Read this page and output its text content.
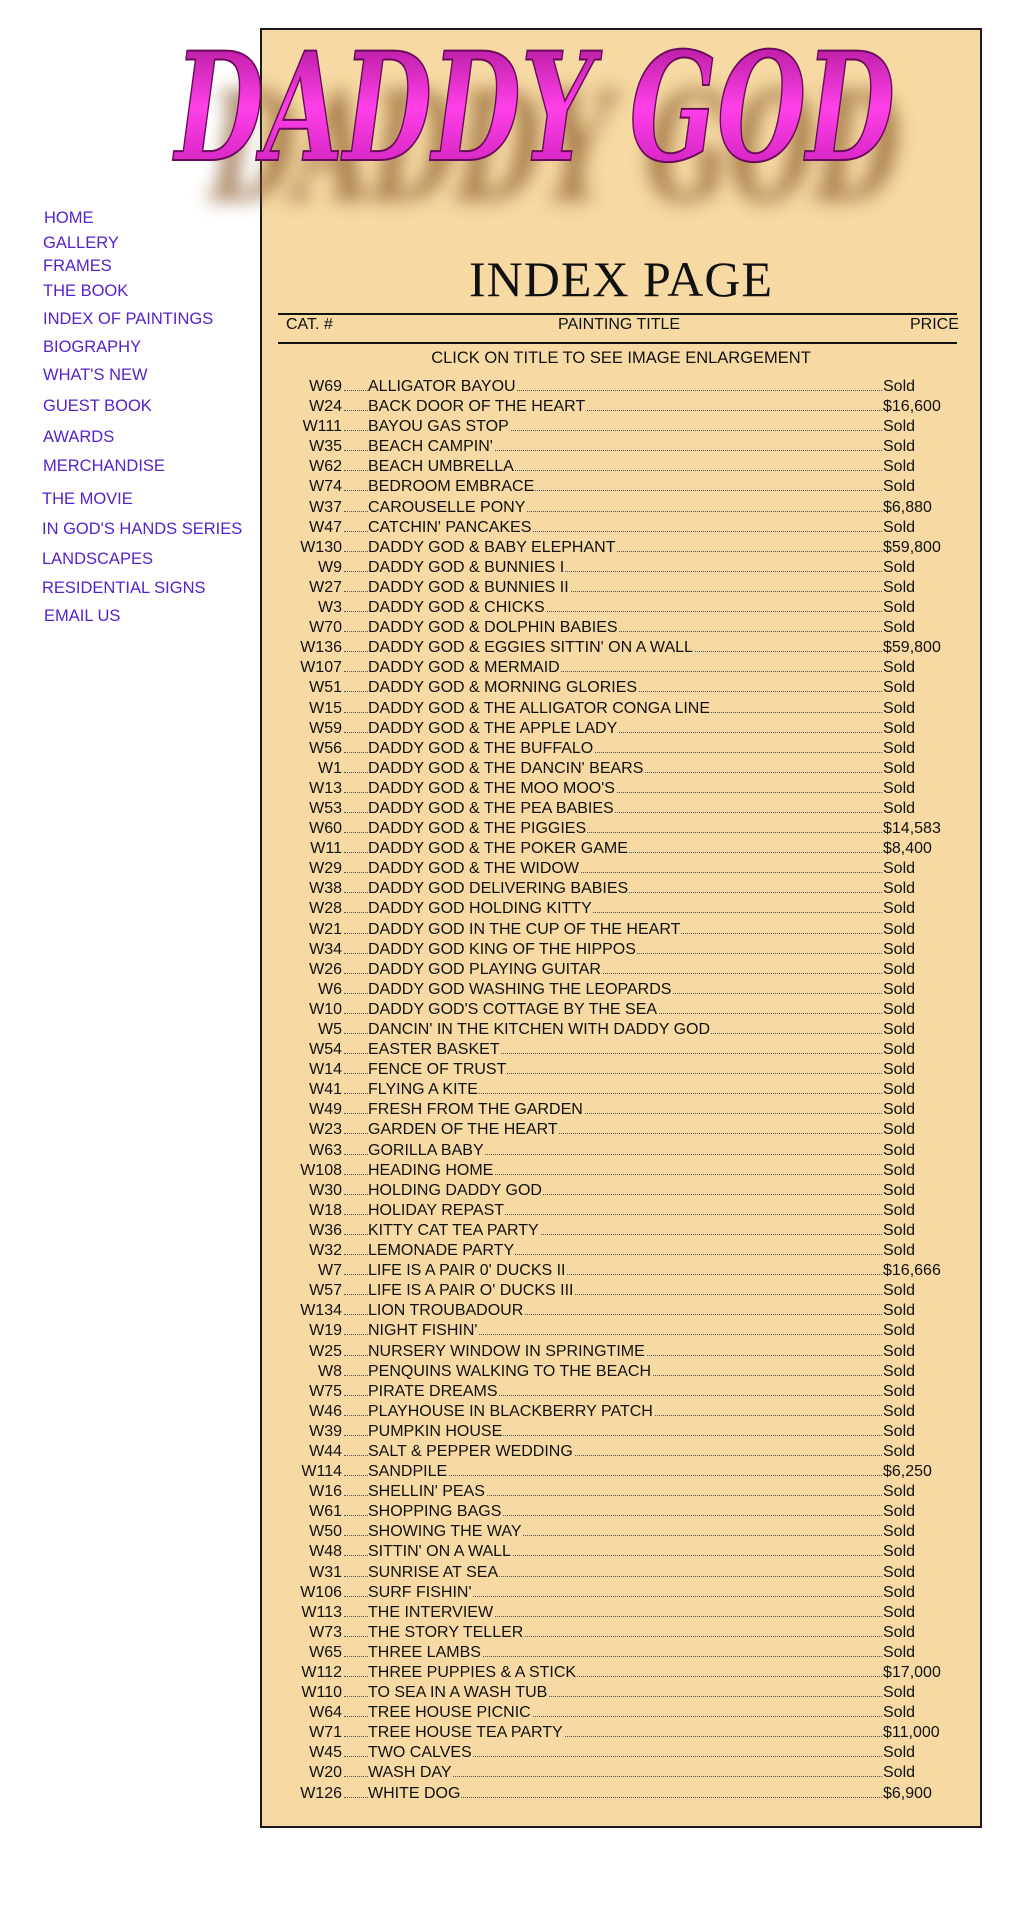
DADDY GOD
DADDY GOD
HOME
GALLERY
FRAMES
THE BOOK
INDEX OF PAINTINGS
BIOGRAPHY
WHAT'S NEW
GUEST BOOK
AWARDS
MERCHANDISE
THE MOVIE
IN GOD'S HANDS SERIES
LANDSCAPES
RESIDENTIAL SIGNS
EMAIL US
INDEX PAGE
CAT. #	PAINTING TITLE	PRICE
CLICK ON TITLE TO SEE IMAGE ENLARGEMENT
W69 ALLIGATOR BAYOU	Sold
W24 BACK DOOR OF THE HEART	$16,600
W111 BAYOU GAS STOP	Sold
W35 BEACH CAMPIN'	Sold
W62 BEACH UMBRELLA	Sold
W74 BEDROOM EMBRACE	Sold
W37 CAROUSELLE PONY	$6,880
W47 CATCHIN' PANCAKES	Sold
W130 DADDY GOD & BABY ELEPHANT	$59,800
W9 DADDY GOD & BUNNIES I	Sold
W27 DADDY GOD & BUNNIES II	Sold
W3 DADDY GOD & CHICKS	Sold
W70 DADDY GOD & DOLPHIN BABIES	Sold
W136 DADDY GOD & EGGIES SITTIN' ON A WALL	$59,800
W107 DADDY GOD & MERMAID	Sold
W51 DADDY GOD & MORNING GLORIES	Sold
W15 DADDY GOD & THE ALLIGATOR CONGA LINE	Sold
W59 DADDY GOD & THE APPLE LADY	Sold
W56 DADDY GOD & THE BUFFALO	Sold
W1 DADDY GOD & THE DANCIN' BEARS	Sold
W13 DADDY GOD & THE MOO MOO'S	Sold
W53 DADDY GOD & THE PEA BABIES	Sold
W60 DADDY GOD & THE PIGGIES	$14,583
W11 DADDY GOD & THE POKER GAME	$8,400
W29 DADDY GOD & THE WIDOW	Sold
W38 DADDY GOD DELIVERING BABIES	Sold
W28 DADDY GOD HOLDING KITTY	Sold
W21 DADDY GOD IN THE CUP OF THE HEART	Sold
W34 DADDY GOD KING OF THE HIPPOS	Sold
W26 DADDY GOD PLAYING GUITAR	Sold
W6 DADDY GOD WASHING THE LEOPARDS	Sold
W10 DADDY GOD'S COTTAGE BY THE SEA	Sold
W5 DANCIN' IN THE KITCHEN WITH DADDY GOD	Sold
W54 EASTER BASKET	Sold
W14 FENCE OF TRUST	Sold
W41 FLYING A KITE	Sold
W49 FRESH FROM THE GARDEN	Sold
W23 GARDEN OF THE HEART	Sold
W63 GORILLA BABY	Sold
W108 HEADING HOME	Sold
W30 HOLDING DADDY GOD	Sold
W18 HOLIDAY REPAST	Sold
W36 KITTY CAT TEA PARTY	Sold
W32 LEMONADE PARTY	Sold
W7 LIFE IS A PAIR 0' DUCKS II	$16,666
W57 LIFE IS A PAIR O' DUCKS III	Sold
W134 LION TROUBADOUR	Sold
W19 NIGHT FISHIN'	Sold
W25 NURSERY WINDOW IN SPRINGTIME	Sold
W8 PENQUINS WALKING TO THE BEACH	Sold
W75 PIRATE DREAMS	Sold
W46 PLAYHOUSE IN BLACKBERRY PATCH	Sold
W39 PUMPKIN HOUSE	Sold
W44 SALT & PEPPER WEDDING	Sold
W114 SANDPILE	$6,250
W16 SHELLIN' PEAS	Sold
W61 SHOPPING BAGS	Sold
W50 SHOWING THE WAY	Sold
W48 SITTIN' ON A WALL	Sold
W31 SUNRISE AT SEA	Sold
W106 SURF FISHIN'	Sold
W113 THE INTERVIEW	Sold
W73 THE STORY TELLER	Sold
W65 THREE LAMBS	Sold
W112 THREE PUPPIES & A STICK	$17,000
W110 TO SEA IN A WASH TUB	Sold
W64 TREE HOUSE PICNIC	Sold
W71 TREE HOUSE TEA PARTY	$11,000
W45 TWO CALVES	Sold
W20 WASH DAY	Sold
W126 WHITE DOG	$6,900
